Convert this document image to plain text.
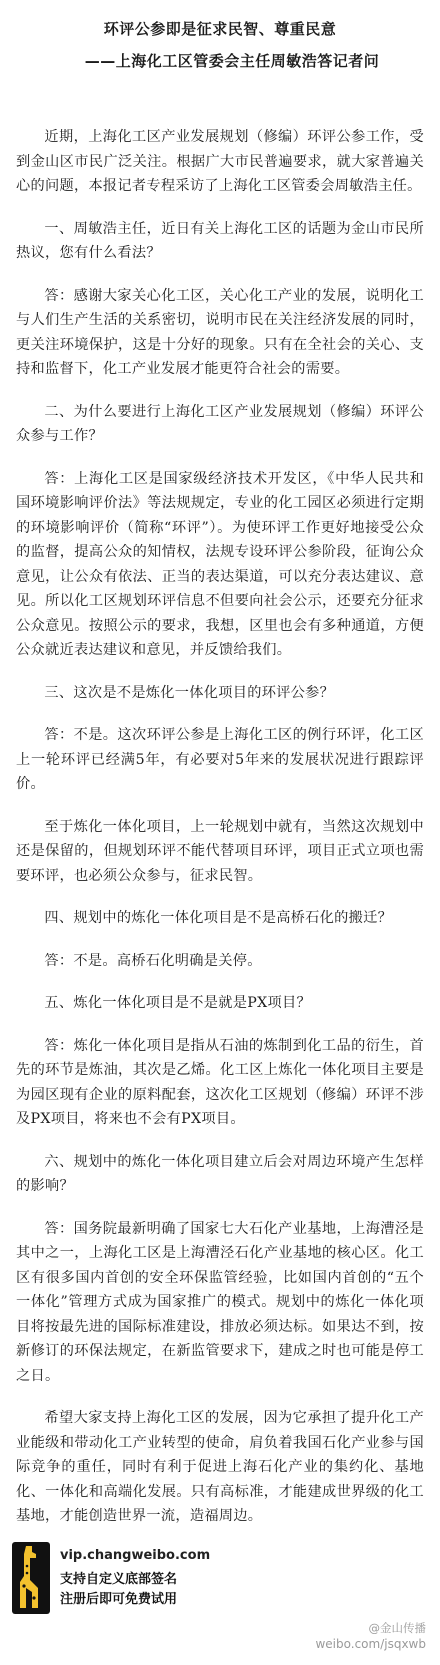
环评公参即是征求民智、尊重民意
——上海化工区管委会主任周敏浩答记者问

近期，上海化工区产业发展规划（修编）环评公参工作，受到金山区市民广泛关注。根据广大市民普遍要求，就大家普遍关心的问题，本报记者专程采访了上海化工区管委会周敏浩主任。

一、周敏浩主任，近日有关上海化工区的话题为金山市民所热议，您有什么看法？

答：感谢大家关心化工区，关心化工产业的发展，说明化工与人们生产生活的关系密切，说明市民在关注经济发展的同时，更关注环境保护，这是十分好的现象。只有在全社会的关心、支持和监督下，化工产业发展才能更符合社会的需要。

二、为什么要进行上海化工区产业发展规划（修编）环评公众参与工作？

答：上海化工区是国家级经济技术开发区，《中华人民共和国环境影响评价法》等法规规定，专业的化工园区必须进行定期的环境影响评价（简称“环评”）。为使环评工作更好地接受公众的监督，提高公众的知情权，法规专设环评公参阶段，征询公众意见，让公众有依法、正当的表达渠道，可以充分表达建议、意见。所以化工区规划环评信息不但要向社会公示，还要充分征求公众意见。按照公示的要求，我想，区里也会有多种通道，方便公众就近表达建议和意见，并反馈给我们。

三、这次是不是炼化一体化项目的环评公参？

答：不是。这次环评公参是上海化工区的例行环评，化工区上一轮环评已经满5年，有必要对5年来的发展状况进行跟踪评价。

至于炼化一体化项目，上一轮规划中就有，当然这次规划中还是保留的，但规划环评不能代替项目环评，项目正式立项也需要环评，也必须公众参与，征求民智。

四、规划中的炼化一体化项目是不是高桥石化的搬迁？

答：不是。高桥石化明确是关停。

五、炼化一体化项目是不是就是PX项目？

答：炼化一体化项目是指从石油的炼制到化工品的衍生，首先的环节是炼油，其次是乙烯。化工区上炼化一体化项目主要是为园区现有企业的原料配套，这次化工区规划（修编）环评不涉及PX项目，将来也不会有PX项目。

六、规划中的炼化一体化项目建立后会对周边环境产生怎样的影响？

答：国务院最新明确了国家七大石化产业基地，上海漕泾是其中之一，上海化工区是上海漕泾石化产业基地的核心区。化工区有很多国内首创的安全环保监管经验，比如国内首创的“五个一体化”管理方式成为国家推广的模式。规划中的炼化一体化项目将按最先进的国际标准建设，排放必须达标。如果达不到，按新修订的环保法规定，在新监管要求下，建成之时也可能是停工之日。

希望大家支持上海化工区的发展，因为它承担了提升化工产业能级和带动化工产业转型的使命，肩负着我国石化产业参与国际竞争的重任，同时有利于促进上海石化产业的集约化、基地化、一体化和高端化发展。只有高标准，才能建成世界级的化工基地，才能创造世界一流，造福周边。

vip.changweibo.com
支持自定义底部签名
注册后即可免费试用
@金山传播
weibo.com/jsqxwb
